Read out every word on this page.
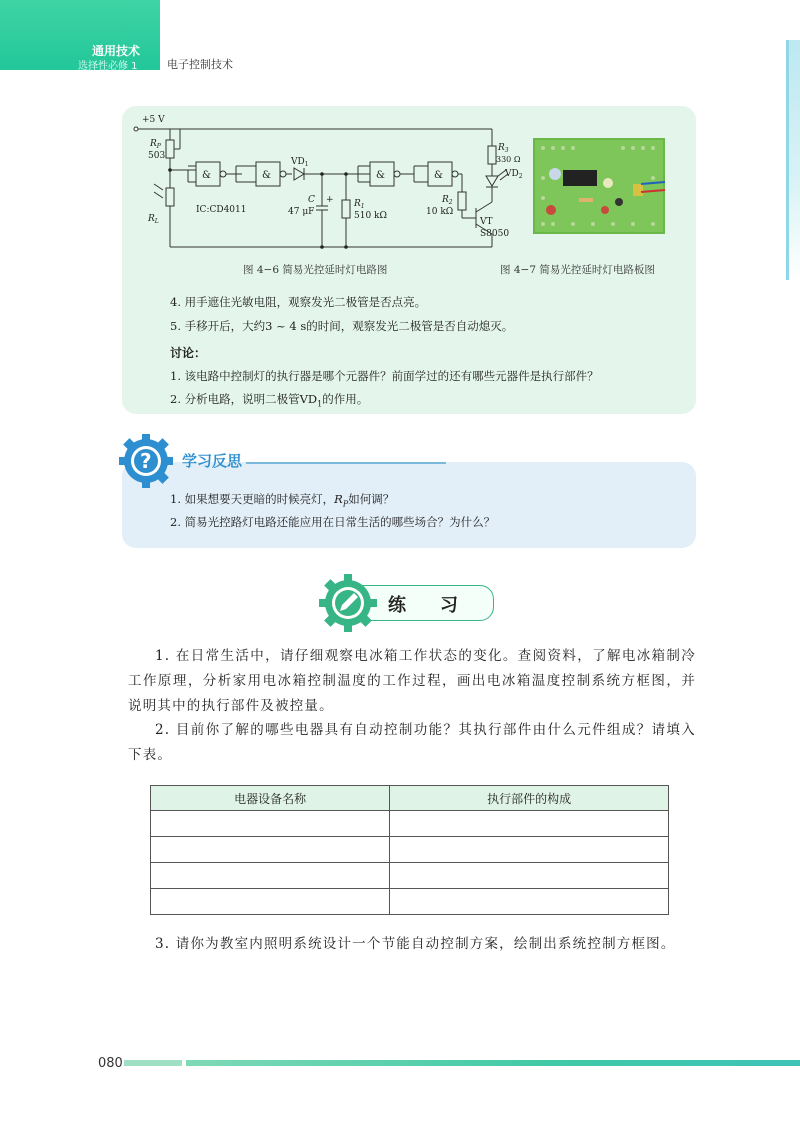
通用技术
选择性必修 1	电子控制技术
+5 V
$R_P$
503
$R_L$
&	&	&	&
IC:CD4011
$VD_1$
C
47 μF
+ $R_1$
510 kΩ
$R_2$
10 kΩ
$R_3$
330 Ω
VT
S8050
$VD_2$
图 4−6 简易光控延时灯电路图	图 4−7 简易光控延时灯电路板图
4. 用手遮住光敏电阻，观察发光二极管是否点亮。
5. 手移开后，大约3 ~ 4 s的时间，观察发光二极管是否自动熄灭。
讨论：
1. 该电路中控制灯的执行器是哪个元器件？前面学过的还有哪些元器件是执行部件？
2. 分析电路，说明二极管$VD_1$的作用。
? 学习反思
1. 如果想要天更暗的时候亮灯，$R_P$如何调？
2. 简易光控路灯电路还能应用在日常生活的哪些场合？为什么？
练习
1. 在日常生活中，请仔细观察电冰箱工作状态的变化。查阅资料，了解电冰箱制冷工作原理，分析家用电冰箱控制温度的工作过程，画出电冰箱温度控制系统方框图，并说明其中的执行部件及被控量。
2. 目前你了解的哪些电器具有自动控制功能？其执行部件由什么元件组成？请填入下表。
电器设备名称	执行部件的构成

3. 请你为教室内照明系统设计一个节能自动控制方案，绘制出系统控制方框图。
080
